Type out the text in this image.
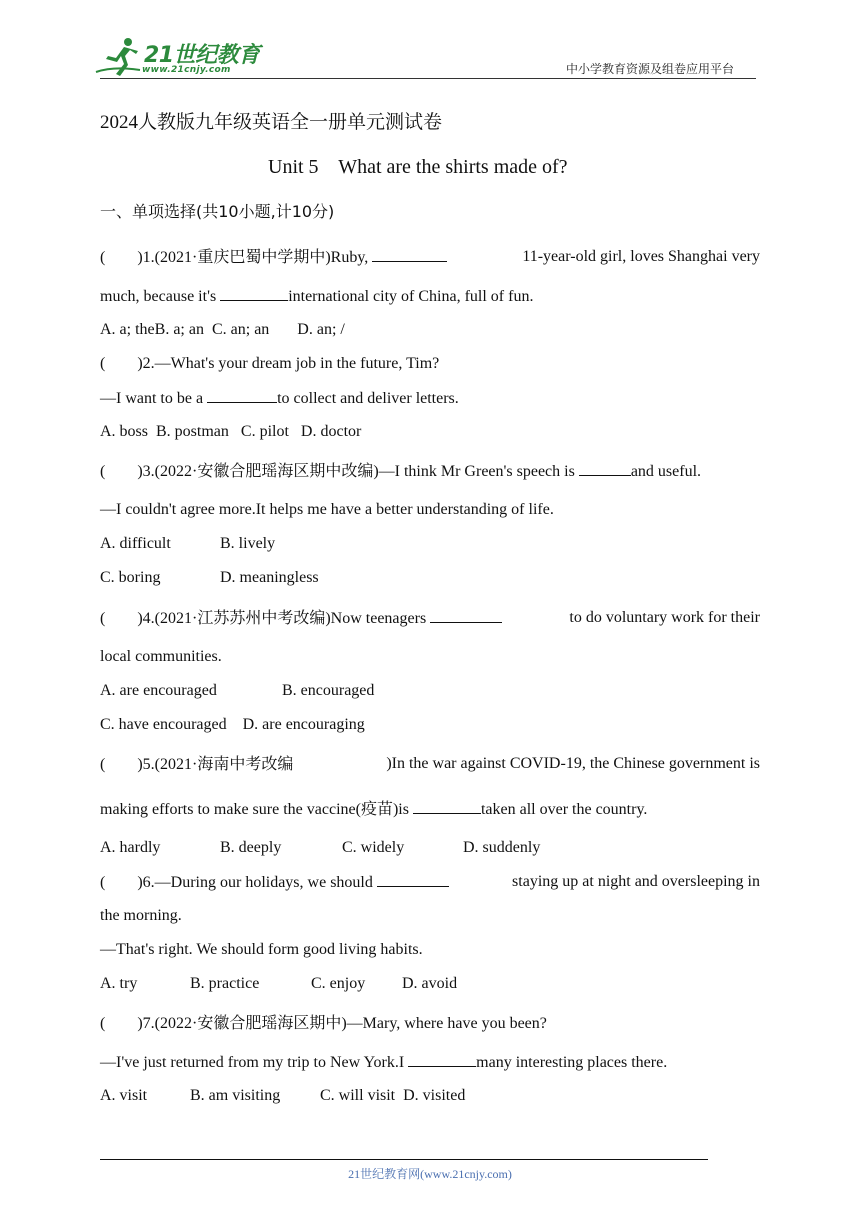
21世纪教育
www.21cnjy.com	中小学教育资源及组卷应用平台
2024人教版九年级英语全一册单元测试卷
Unit 5    What are the shirts made of?
一、单项选择(共10小题,计10分)
(        )1.(2021·重庆巴蜀中学期中)Ruby,	11-year-old girl, loves Shanghai very
much, because it's	international city of China, full of fun.
A. a; theB. a; an  C. an; an       D. an; /
(        )2.—What's your dream job in the future, Tim?
—I want to be a	to collect and deliver letters.
A. boss  B. postman   C. pilot   D. doctor
(        )3.(2022·安徽合肥瑶海区期中改编)—I think Mr Green's speech is	and useful.
—I couldn't agree more.It helps me have a better understanding of life.
A. difficult	B. lively
C. boring	D. meaningless
(        )4.(2021·江苏苏州中考改编)Now teenagers	to do voluntary work for their
local communities.
A. are encouraged	B. encouraged
C. have encouraged    D. are encouraging
(        )5.(2021·海南中考改编	)In the war against COVID-19, the Chinese government is
making efforts to make sure the vaccine(疫苗)is	taken all over the country.
A. hardly	B. deeply	C. widely	D. suddenly
(        )6.—During our holidays, we should	staying up at night and oversleeping in
the morning.
—That's right. We should form good living habits.
A. try	B. practice	C. enjoy D. avoid
(        )7.(2022·安徽合肥瑶海区期中)—Mary, where have you been?
—I've just returned from my trip to New York.I	many interesting places there.
A. visit	B. am visiting C. will visit  D. visited
21世纪教育网(www.21cnjy.com)
